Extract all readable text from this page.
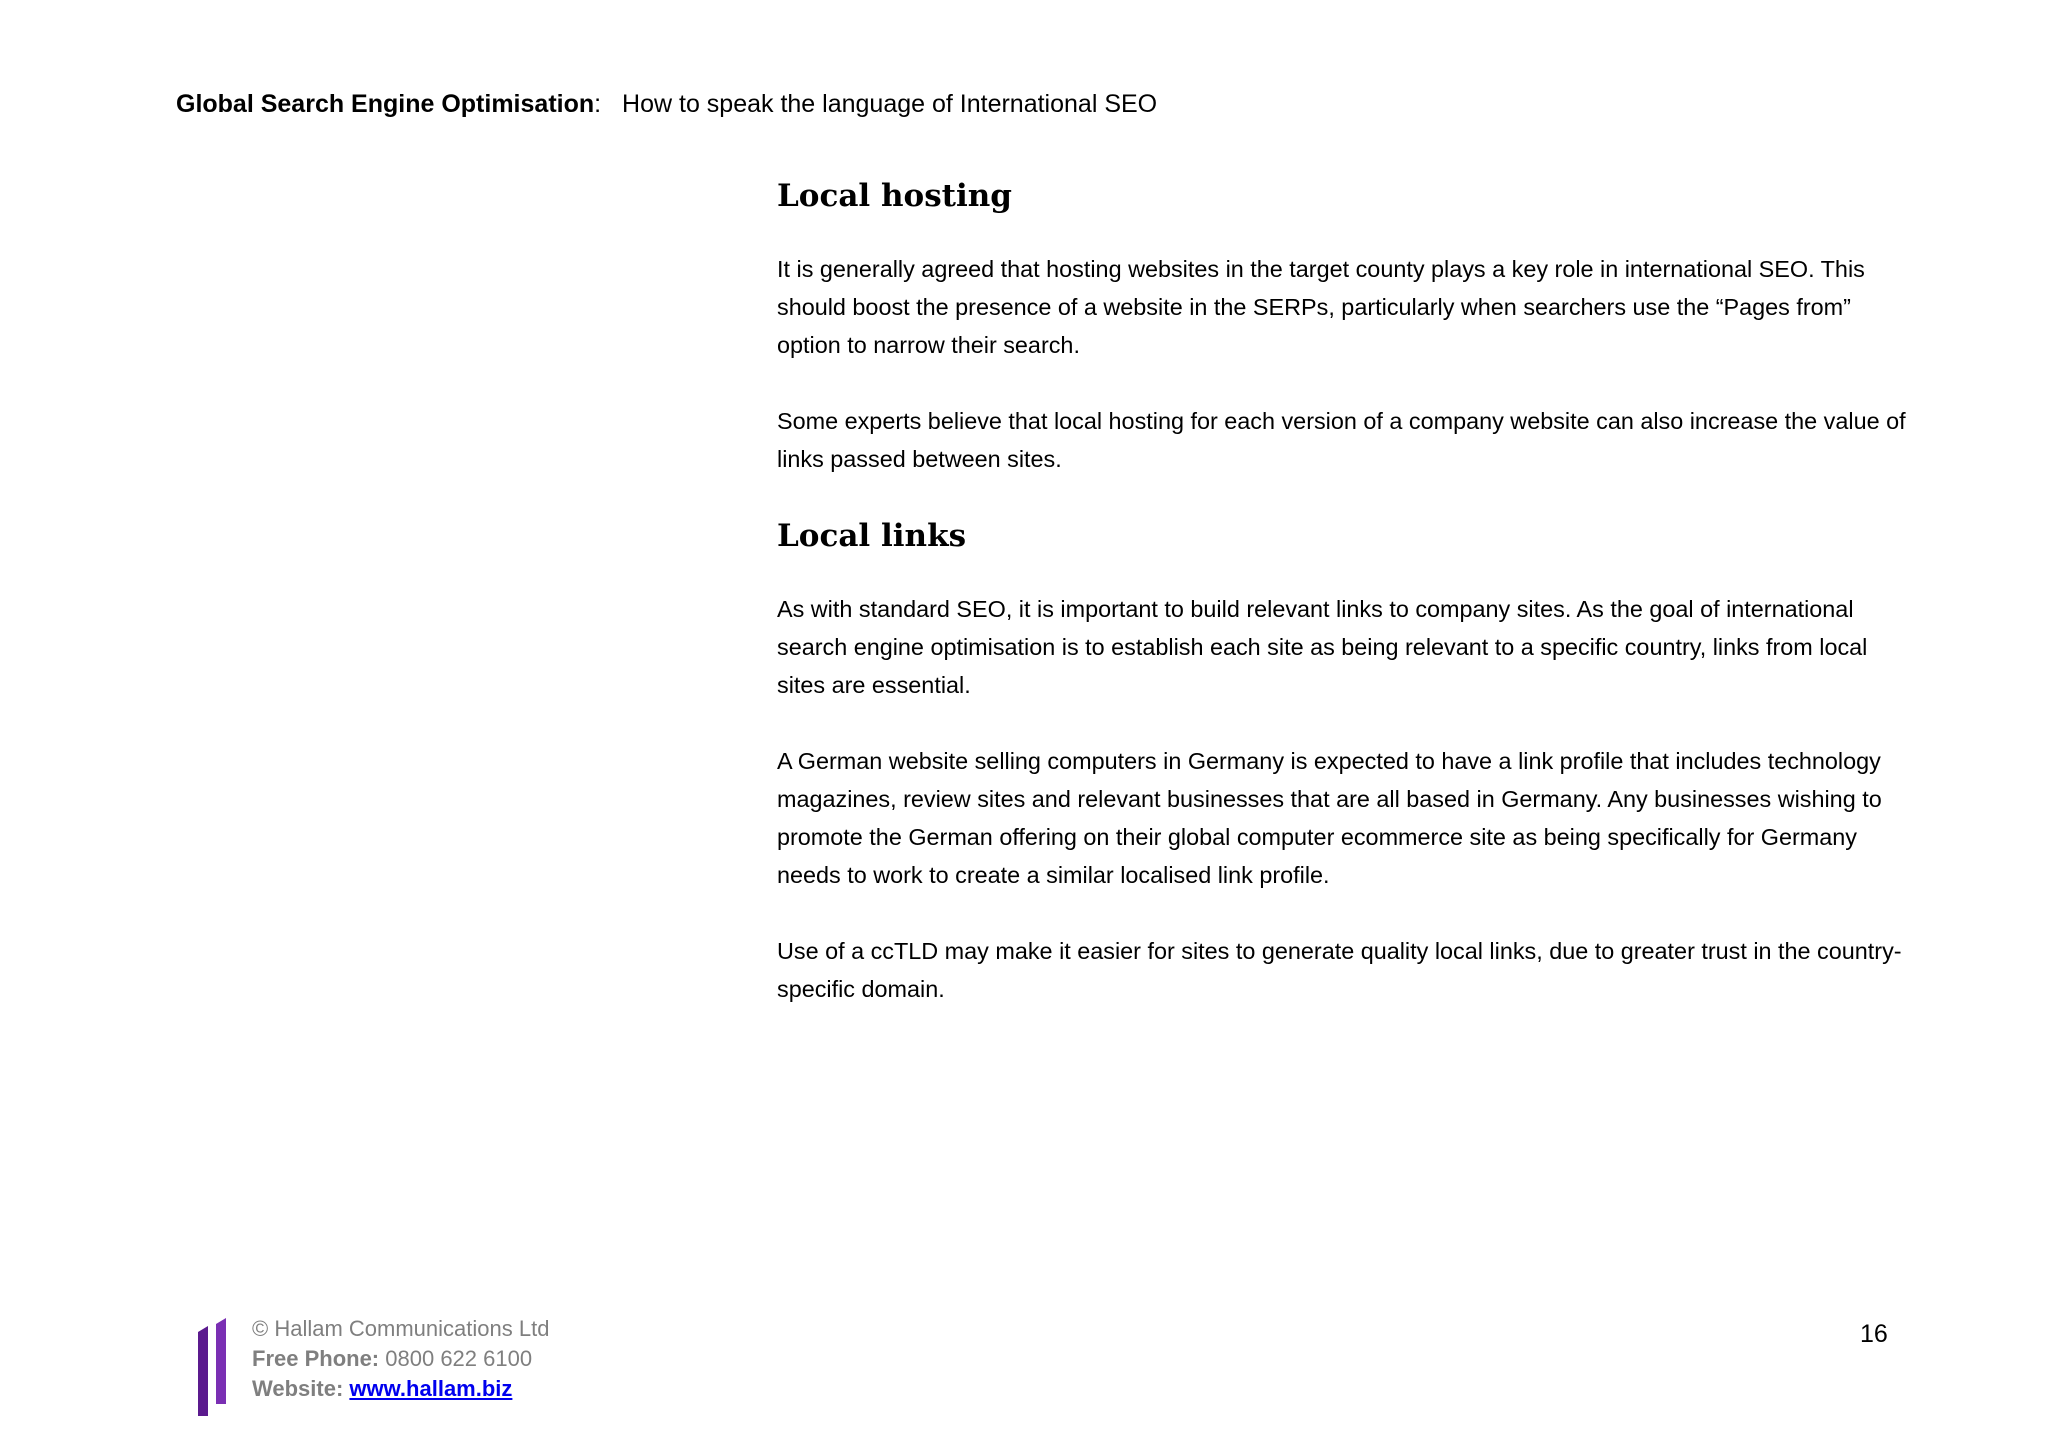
Global Search Engine Optimisation: How to speak the language of International SEO
Local hosting

It is generally agreed that hosting websites in the target county plays a key role in international SEO. This should boost the presence of a website in the SERPs, particularly when searchers use the “Pages from” option to narrow their search.

Some experts believe that local hosting for each version of a company website can also increase the value of links passed between sites.

Local links

As with standard SEO, it is important to build relevant links to company sites. As the goal of international search engine optimisation is to establish each site as being relevant to a specific country, links from local sites are essential.

A German website selling computers in Germany is expected to have a link profile that includes technology magazines, review sites and relevant businesses that are all based in Germany. Any businesses wishing to promote the German offering on their global computer ecommerce site as being specifically for Germany needs to work to create a similar localised link profile.

Use of a ccTLD may make it easier for sites to generate quality local links, due to greater trust in the country-specific domain.

© Hallam Communications Ltd
Free Phone: 0800 622 6100
Website: www.hallam.biz
16
